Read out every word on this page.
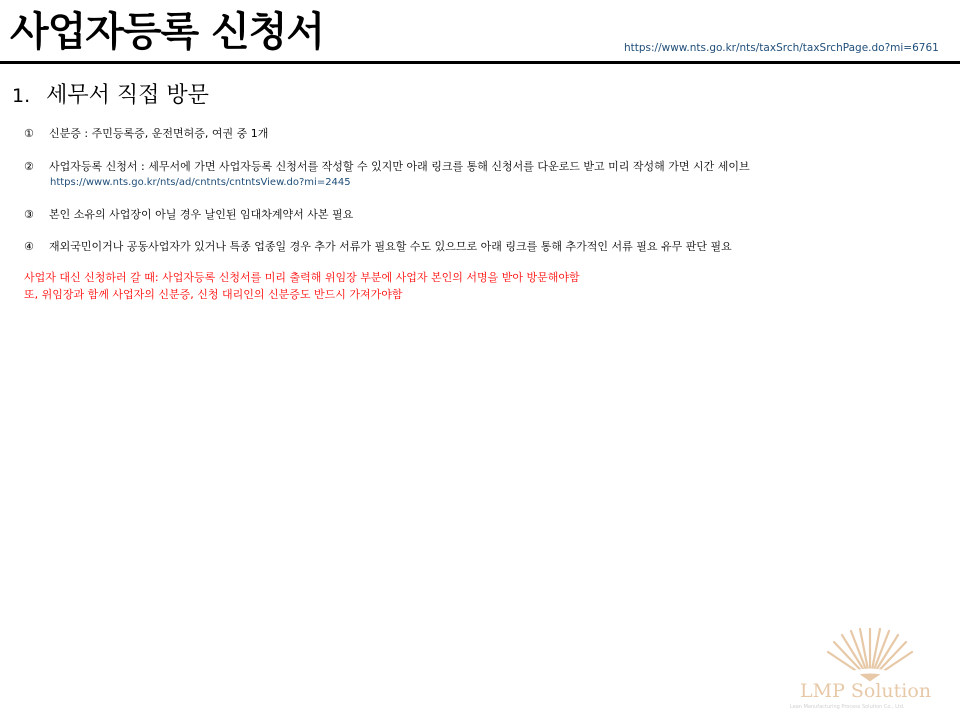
사업자등록 신청서	https://www.nts.go.kr/nts/taxSrch/taxSrchPage.do?mi=6761
1. 세무서 직접 방문
① 신분증 : 주민등록증, 운전면허증, 여권 중 1개
② 사업자등록 신청서 : 세무서에 가면 사업자등록 신청서를 작성할 수 있지만 아래 링크를 통해 신청서를 다운로드 받고 미리 작성해 가면 시간 세이브
https://www.nts.go.kr/nts/ad/cntnts/cntntsView.do?mi=2445
③ 본인 소유의 사업장이 아닐 경우 날인된 임대차계약서 사본 필요
④ 재외국민이거나 공동사업자가 있거나 특종 업종일 경우 추가 서류가 필요할 수도 있으므로 아래 링크를 통해 추가적인 서류 필요 유무 판단 필요
사업자 대신 신청하러 갈 때: 사업자등록 신청서를 미리 출력해 위임장 부분에 사업자 본인의 서명을 받아 방문해야함
또, 위임장과 함께 사업자의 신분증, 신청 대리인의 신분증도 반드시 가져가야함
LMP Solution
Lean Manufacturing Process Solution Co., Ltd.
